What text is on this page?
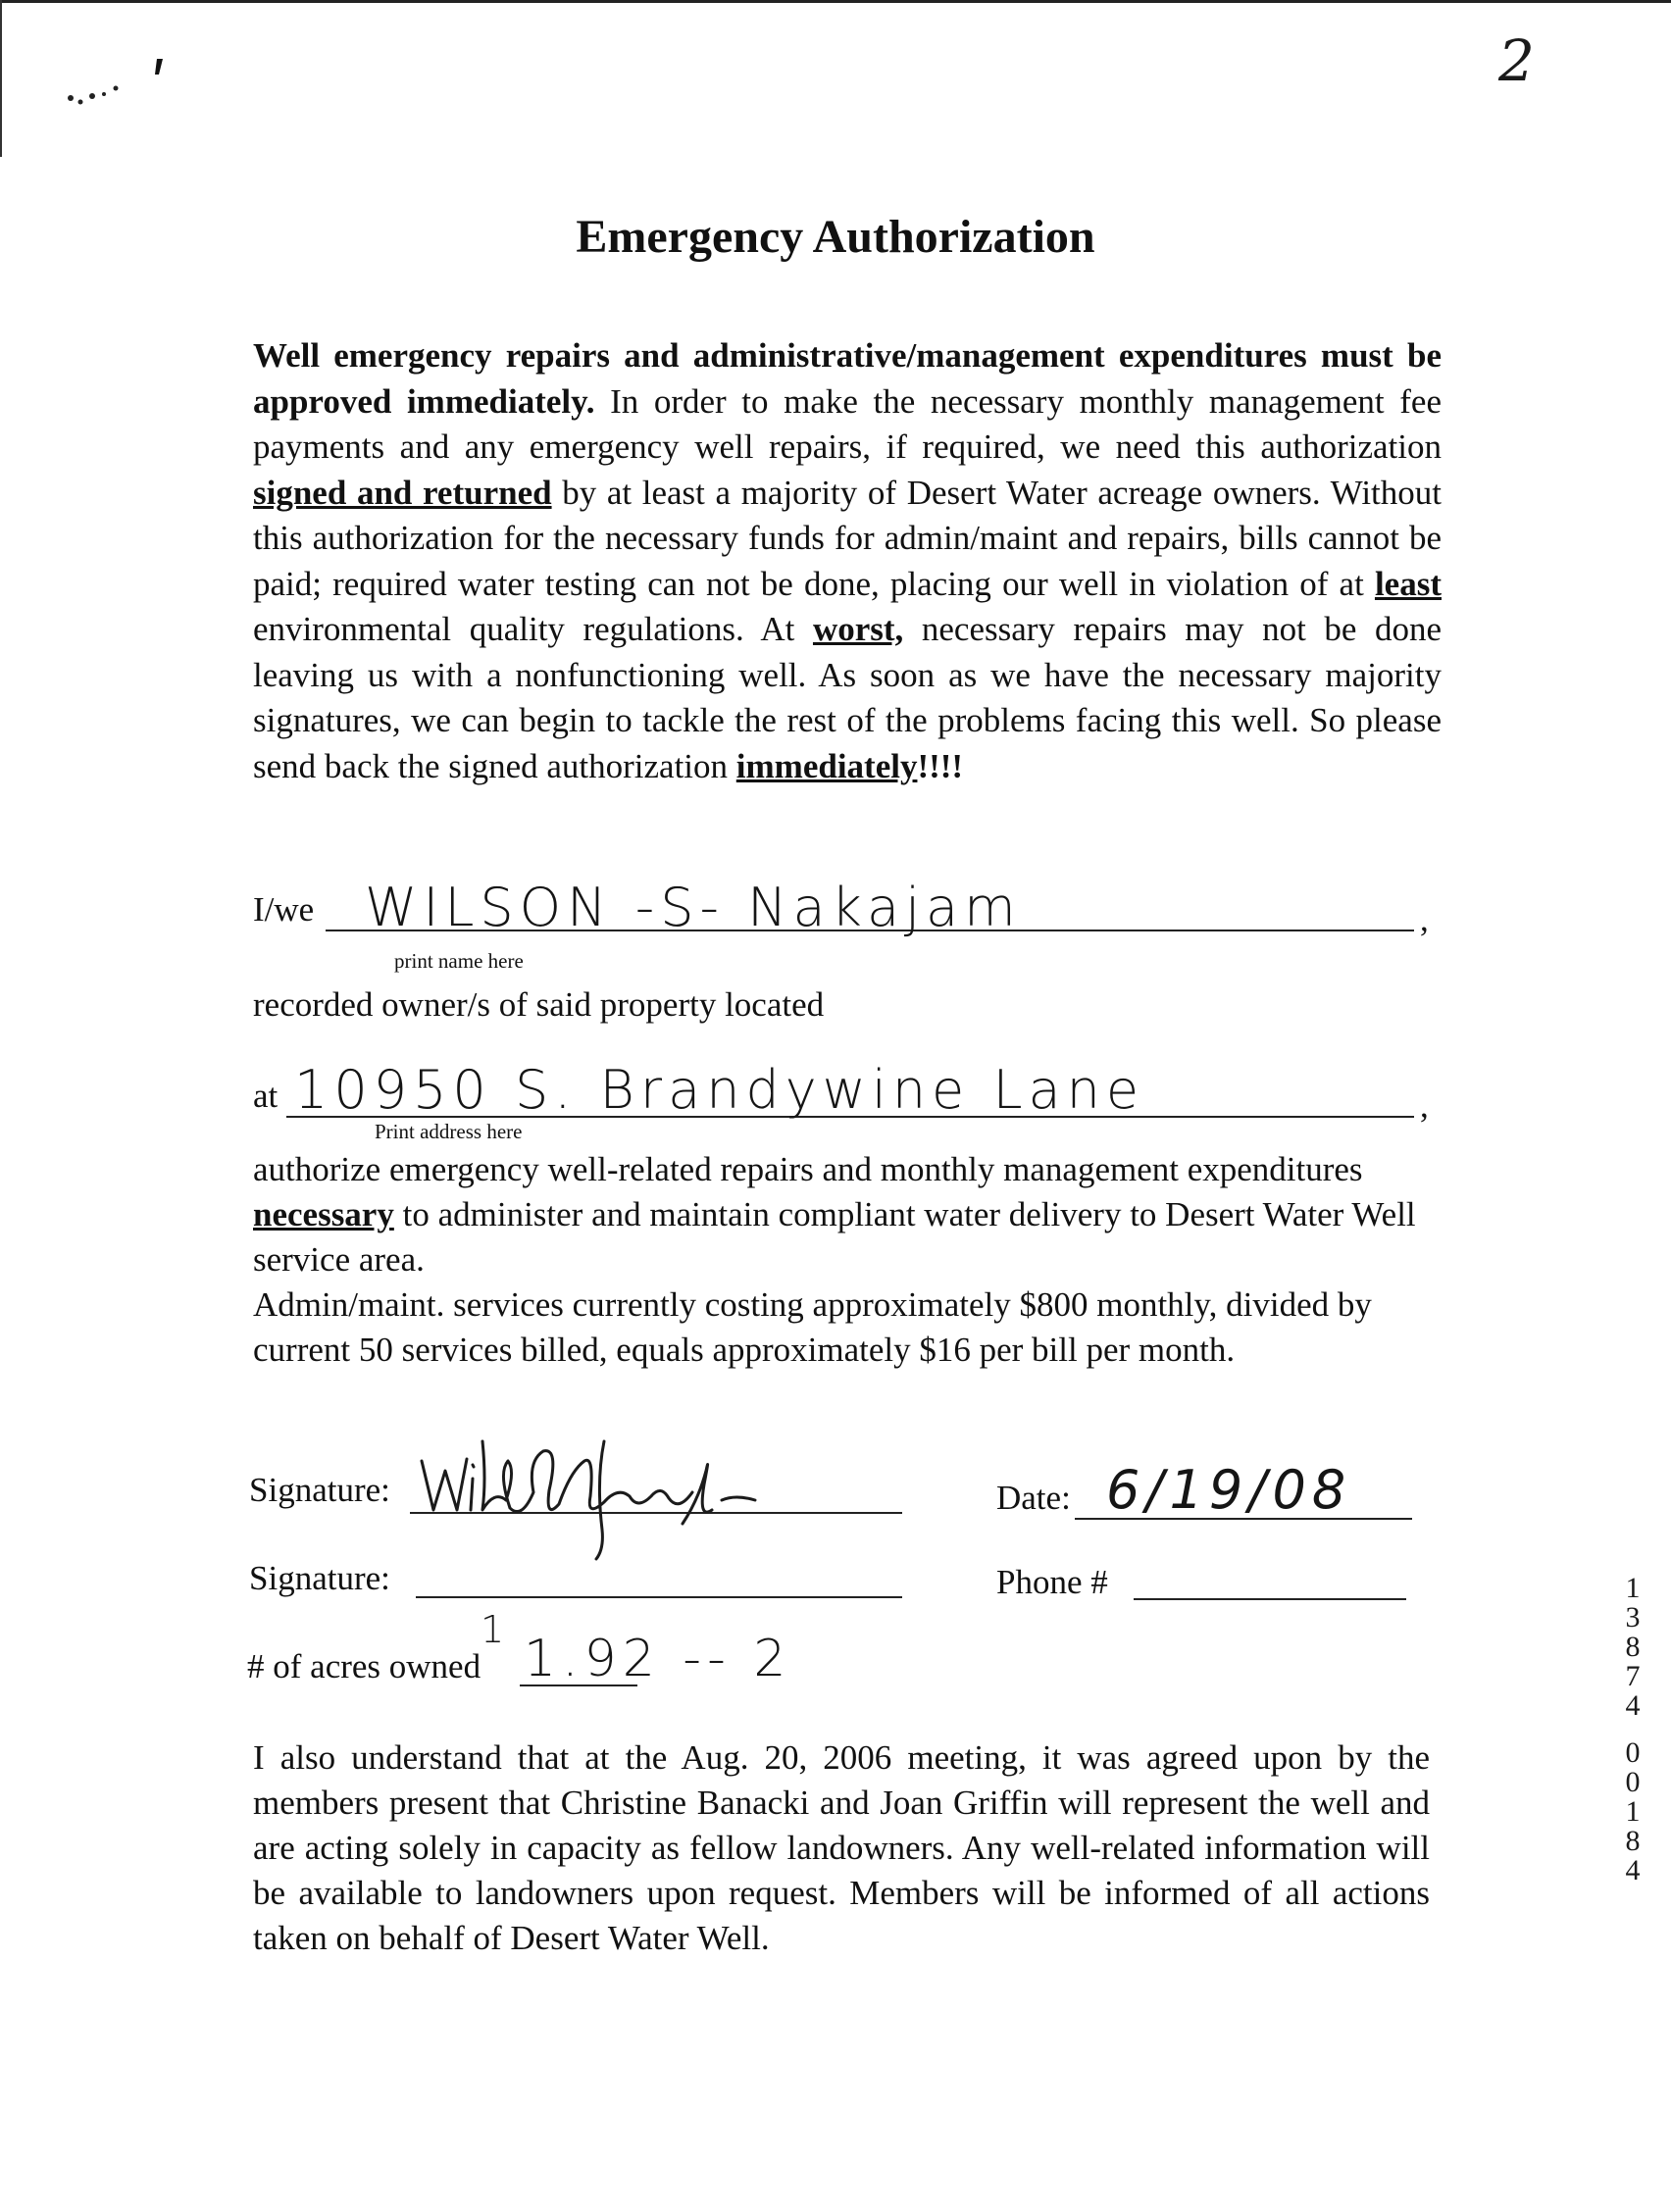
2
Emergency Authorization

Well emergency repairs and administrative/management expenditures must be approved immediately. In order to make the necessary monthly management fee payments and any emergency well repairs, if required, we need this authorization signed and returned by at least a majority of Desert Water acreage owners. Without this authorization for the necessary funds for admin/maint and repairs, bills cannot be paid; required water testing can not be done, placing our well in violation of at least environmental quality regulations. At worst, necessary repairs may not be done leaving us with a nonfunctioning well. As soon as we have the necessary majority signatures, we can begin to tackle the rest of the problems facing this well. So please send back the signed authorization immediately!!!!

I/we WILSON -S- Nakajam	,
print name here
recorded owner/s of said property located
at 10950 S. Brandywine Lane	,
Print address here

authorize emergency well-related repairs and monthly management expenditures necessary to administer and maintain compliant water delivery to Desert Water Well service area.
Admin/maint. services currently costing approximately $800 monthly, divided by current 50 services billed, equals approximately $16 per bill per month.

Signature:	Date: 6/19/08
Signature:	Phone #
# of acres owned
1 1.92 -- 2

I also understand that at the Aug. 20, 2006 meeting, it was agreed upon by the members present that Christine Banacki and Joan Griffin will represent the well and are acting solely in capacity as fellow landowners. Any well-related information will be available to landowners upon request. Members will be informed of all actions taken on behalf of Desert Water Well.

1
3
8
7
4
0
0
1
8
4
